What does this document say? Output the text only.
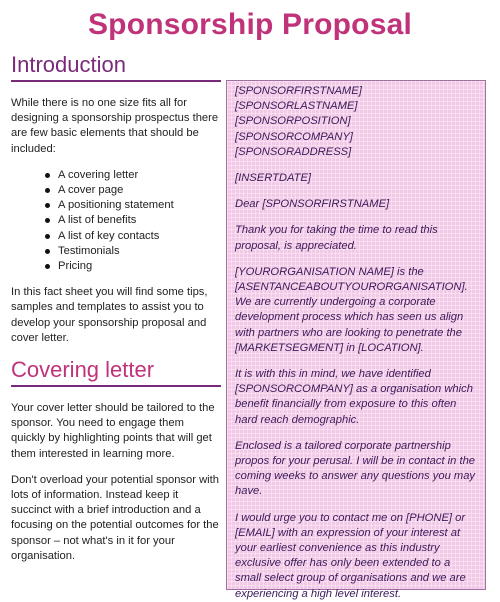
Sponsorship Proposal
Introduction

While there is no one size fits all for designing a sponsorship prospectus there are few basic elements that should be included:

A covering letter
A cover page
A positioning statement
A list of benefits
A list of key contacts
Testimonials
Pricing

In this fact sheet you will find some tips, samples and templates to assist you to develop your sponsorship proposal and cover letter.

Covering letter

Your cover letter should be tailored to the sponsor. You need to engage them quickly by highlighting points that will get them interested in learning more.

Don't overload your potential sponsor with lots of information. Instead keep it succinct with a brief introduction and a focusing on the potential outcomes for the sponsor – not what's in it for your organisation.

[SPONSORFIRSTNAME] [SPONSORLASTNAME]

[SPONSORPOSITION]

[SPONSORCOMPANY]

[SPONSORADDRESS]

[INSERTDATE]

Dear [SPONSORFIRSTNAME]

Thank you for taking the time to read this proposal, is appreciated.

[YOURORGANISATION NAME] is the [ASENTANCEABOUTYOURORGANISATION]. We are currently undergoing a corporate development process which has seen us align with partners who are looking to penetrate the [MARKETSEGMENT] in [LOCATION].

It is with this in mind, we have identified [SPONSORCOMPANY] as a organisation which benefit financially from exposure to this often hard reach demographic.

Enclosed is a tailored corporate partnership propos for your perusal. I will be in contact in the coming weeks to answer any questions you may have.

I would urge you to contact me on [PHONE] or [EMAIL] with an expression of your interest at your earliest convenience as this industry exclusive offer has only been extended to a small select group of organisations and we are experiencing a high level interest.
